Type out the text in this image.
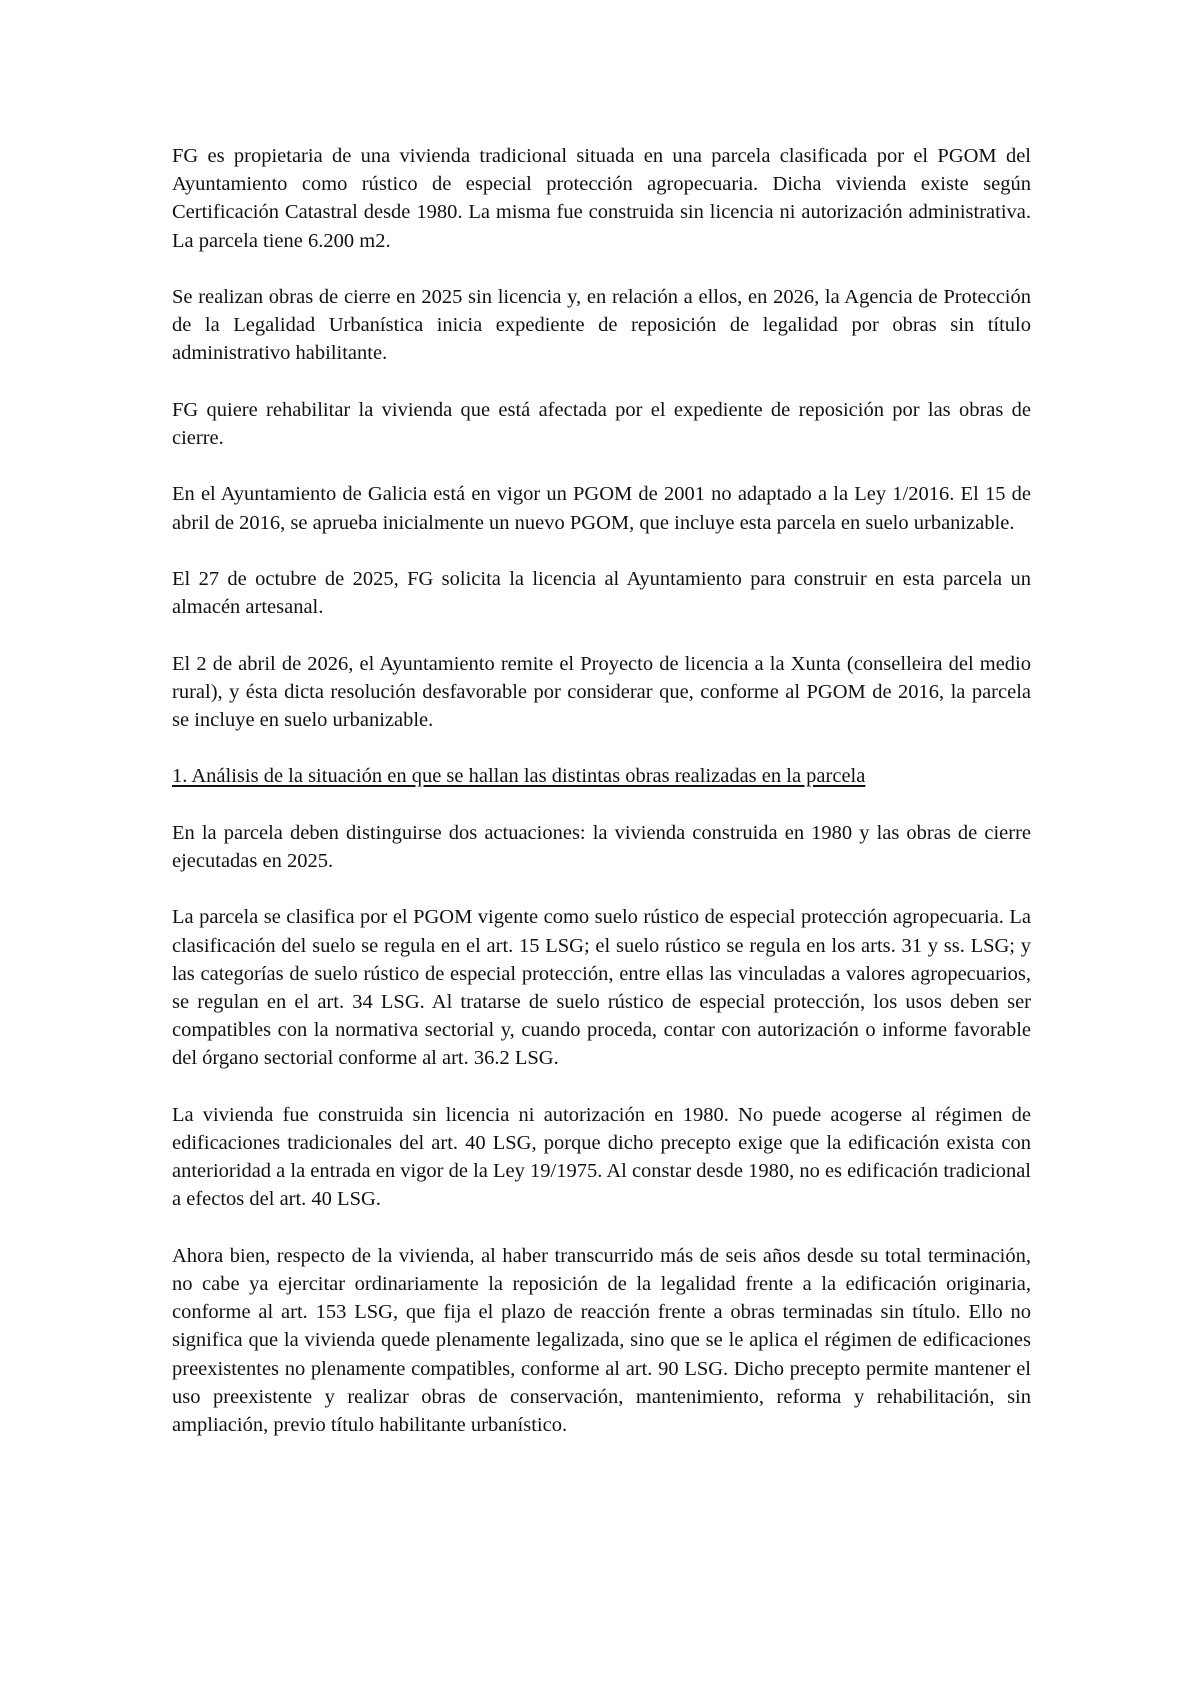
FG es propietaria de una vivienda tradicional situada en una parcela clasificada por el PGOM del Ayuntamiento como rústico de especial protección agropecuaria. Dicha vivienda existe según Certificación Catastral desde 1980. La misma fue construida sin licencia ni autorización administrativa. La parcela tiene 6.200 m2.

Se realizan obras de cierre en 2025 sin licencia y, en relación a ellos, en 2026, la Agencia de Protección de la Legalidad Urbanística inicia expediente de reposición de legalidad por obras sin título administrativo habilitante.

FG quiere rehabilitar la vivienda que está afectada por el expediente de reposición por las obras de cierre.

En el Ayuntamiento de Galicia está en vigor un PGOM de 2001 no adaptado a la Ley 1/2016. El 15 de abril de 2016, se aprueba inicialmente un nuevo PGOM, que incluye esta parcela en suelo urbanizable.

El 27 de octubre de 2025, FG solicita la licencia al Ayuntamiento para construir en esta parcela un almacén artesanal.

El 2 de abril de 2026, el Ayuntamiento remite el Proyecto de licencia a la Xunta (conselleira del medio rural), y ésta dicta resolución desfavorable por considerar que, conforme al PGOM de 2016, la parcela se incluye en suelo urbanizable.

1. Análisis de la situación en que se hallan las distintas obras realizadas en la parcela

En la parcela deben distinguirse dos actuaciones: la vivienda construida en 1980 y las obras de cierre ejecutadas en 2025.

La parcela se clasifica por el PGOM vigente como suelo rústico de especial protección agropecuaria. La clasificación del suelo se regula en el art. 15 LSG; el suelo rústico se regula en los arts. 31 y ss. LSG; y las categorías de suelo rústico de especial protección, entre ellas las vinculadas a valores agropecuarios, se regulan en el art. 34 LSG. Al tratarse de suelo rústico de especial protección, los usos deben ser compatibles con la normativa sectorial y, cuando proceda, contar con autorización o informe favorable del órgano sectorial conforme al art. 36.2 LSG.

La vivienda fue construida sin licencia ni autorización en 1980. No puede acogerse al régimen de edificaciones tradicionales del art. 40 LSG, porque dicho precepto exige que la edificación exista con anterioridad a la entrada en vigor de la Ley 19/1975. Al constar desde 1980, no es edificación tradicional a efectos del art. 40 LSG.

Ahora bien, respecto de la vivienda, al haber transcurrido más de seis años desde su total terminación, no cabe ya ejercitar ordinariamente la reposición de la legalidad frente a la edificación originaria, conforme al art. 153 LSG, que fija el plazo de reacción frente a obras terminadas sin título. Ello no significa que la vivienda quede plenamente legalizada, sino que se le aplica el régimen de edificaciones preexistentes no plenamente compatibles, conforme al art. 90 LSG. Dicho precepto permite mantener el uso preexistente y realizar obras de conservación, mantenimiento, reforma y rehabilitación, sin ampliación, previo título habilitante urbanístico.
